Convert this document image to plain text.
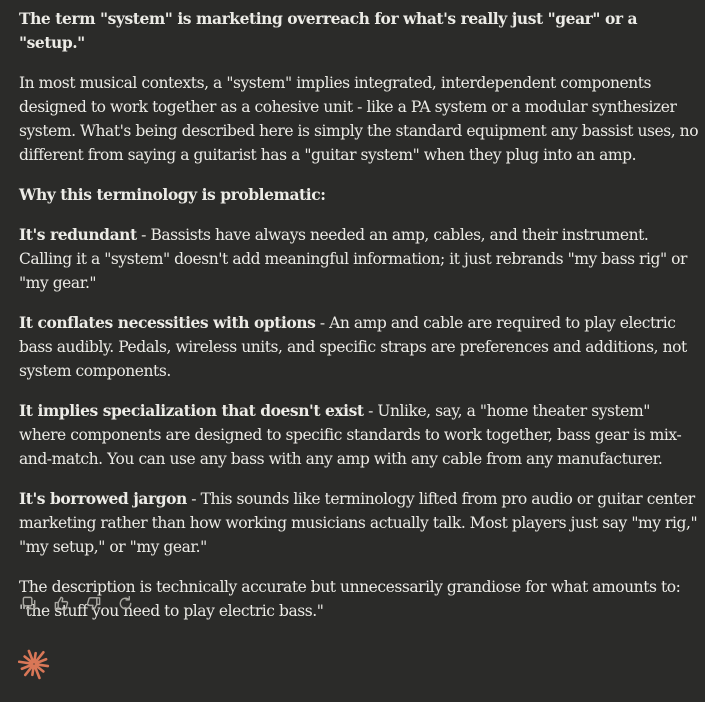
The term "system" is marketing overreach for what's really just "gear" or a "setup."

In most musical contexts, a "system" implies integrated, interdependent components designed to work together as a cohesive unit - like a PA system or a modular synthesizer system. What's being described here is simply the standard equipment any bassist uses, no different from saying a guitarist has a "guitar system" when they plug into an amp.

Why this terminology is problematic:

It's redundant - Bassists have always needed an amp, cables, and their instrument. Calling it a "system" doesn't add meaningful information; it just rebrands "my bass rig" or "my gear."

It conflates necessities with options - An amp and cable are required to play electric bass audibly. Pedals, wireless units, and specific straps are preferences and additions, not system components.

It implies specialization that doesn't exist - Unlike, say, a "home theater system" where components are designed to specific standards to work together, bass gear is mix-and-match. You can use any bass with any amp with any cable from any manufacturer.

It's borrowed jargon - This sounds like terminology lifted from pro audio or guitar center marketing rather than how working musicians actually talk. Most players just say "my rig," "my setup," or "my gear."

The description is technically accurate but unnecessarily grandiose for what amounts to: "the stuff you need to play electric bass."
